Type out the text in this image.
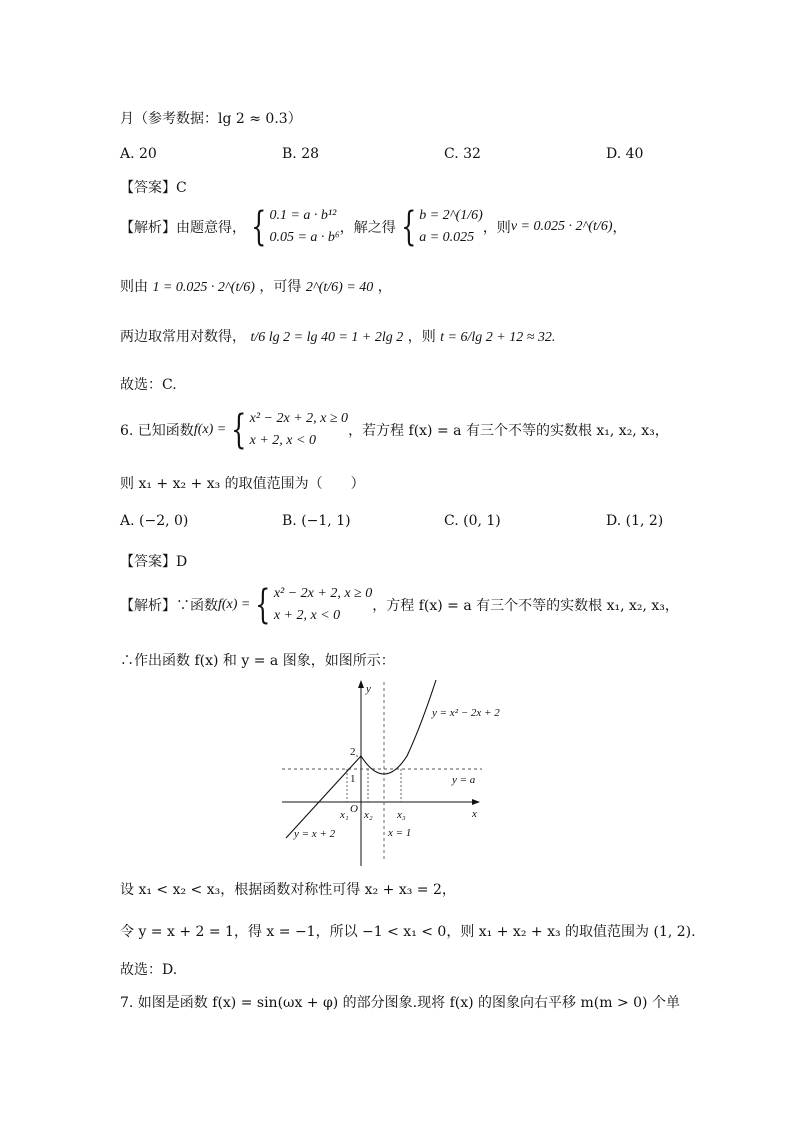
月（参考数据：lg 2 ≈ 0.3）
A. 20	B. 28	C. 32	D. 40
【答案】C
【解析】 由题意得， { 0.1 = a · b¹²
0.05 = a · b⁶
，解之得 { b = 2^(1/6)
a = 0.025
，则 v = 0.025 · 2^(t/6) ，
则由 1 = 0.025 · 2^(t/6) ，可得 2^(t/6) = 40 ，
两边取常用对数得， t/6 lg 2 = lg 40 = 1 + 2lg 2 ，则 t = 6/lg 2 + 12 ≈ 32.
故选：C.
6. 已知函数 f(x) = { x² − 2x + 2, x ≥ 0
x + 2, x < 0
，若方程 f(x) = a 有三个不等的实数根 x₁, x₂, x₃，
则 x₁ + x₂ + x₃ 的取值范围为（　　）
A. (−2, 0)	B. (−1, 1)	C. (0, 1)	D. (1, 2)
【答案】D
【解析】 ∵函数 f(x) = { x² − 2x + 2, x ≥ 0
x + 2, x < 0
，方程 f(x) = a 有三个不等的实数根 x₁, x₂, x₃，
∴作出函数 f(x) 和 y = a 图象，如图所示：
y
x
O
2
1
x₁ x₂ x₃
y = x² − 2x + 2
y = a
y = x + 2	x = 1
设 x₁ < x₂ < x₃，根据函数对称性可得 x₂ + x₃ = 2，
令 y = x + 2 = 1，得 x = −1，所以 −1 < x₁ < 0，则 x₁ + x₂ + x₃ 的取值范围为 (1, 2).
故选：D.
7. 如图是函数 f(x) = sin(ωx + φ) 的部分图象.现将 f(x) 的图象向右平移 m(m > 0) 个单
